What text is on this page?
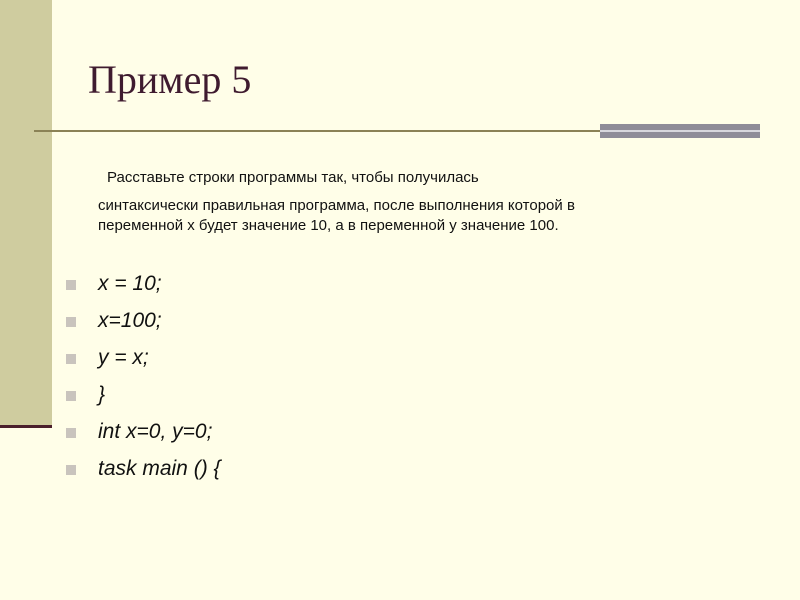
Пример 5
Расставьте строки программы так, чтобы получилась
синтаксически правильная программа, после выполнения которой в
переменной x будет значение 10, а в переменной y значение 100.
x = 10;
x=100;
y = x;
}
int x=0, y=0;
task main () {
